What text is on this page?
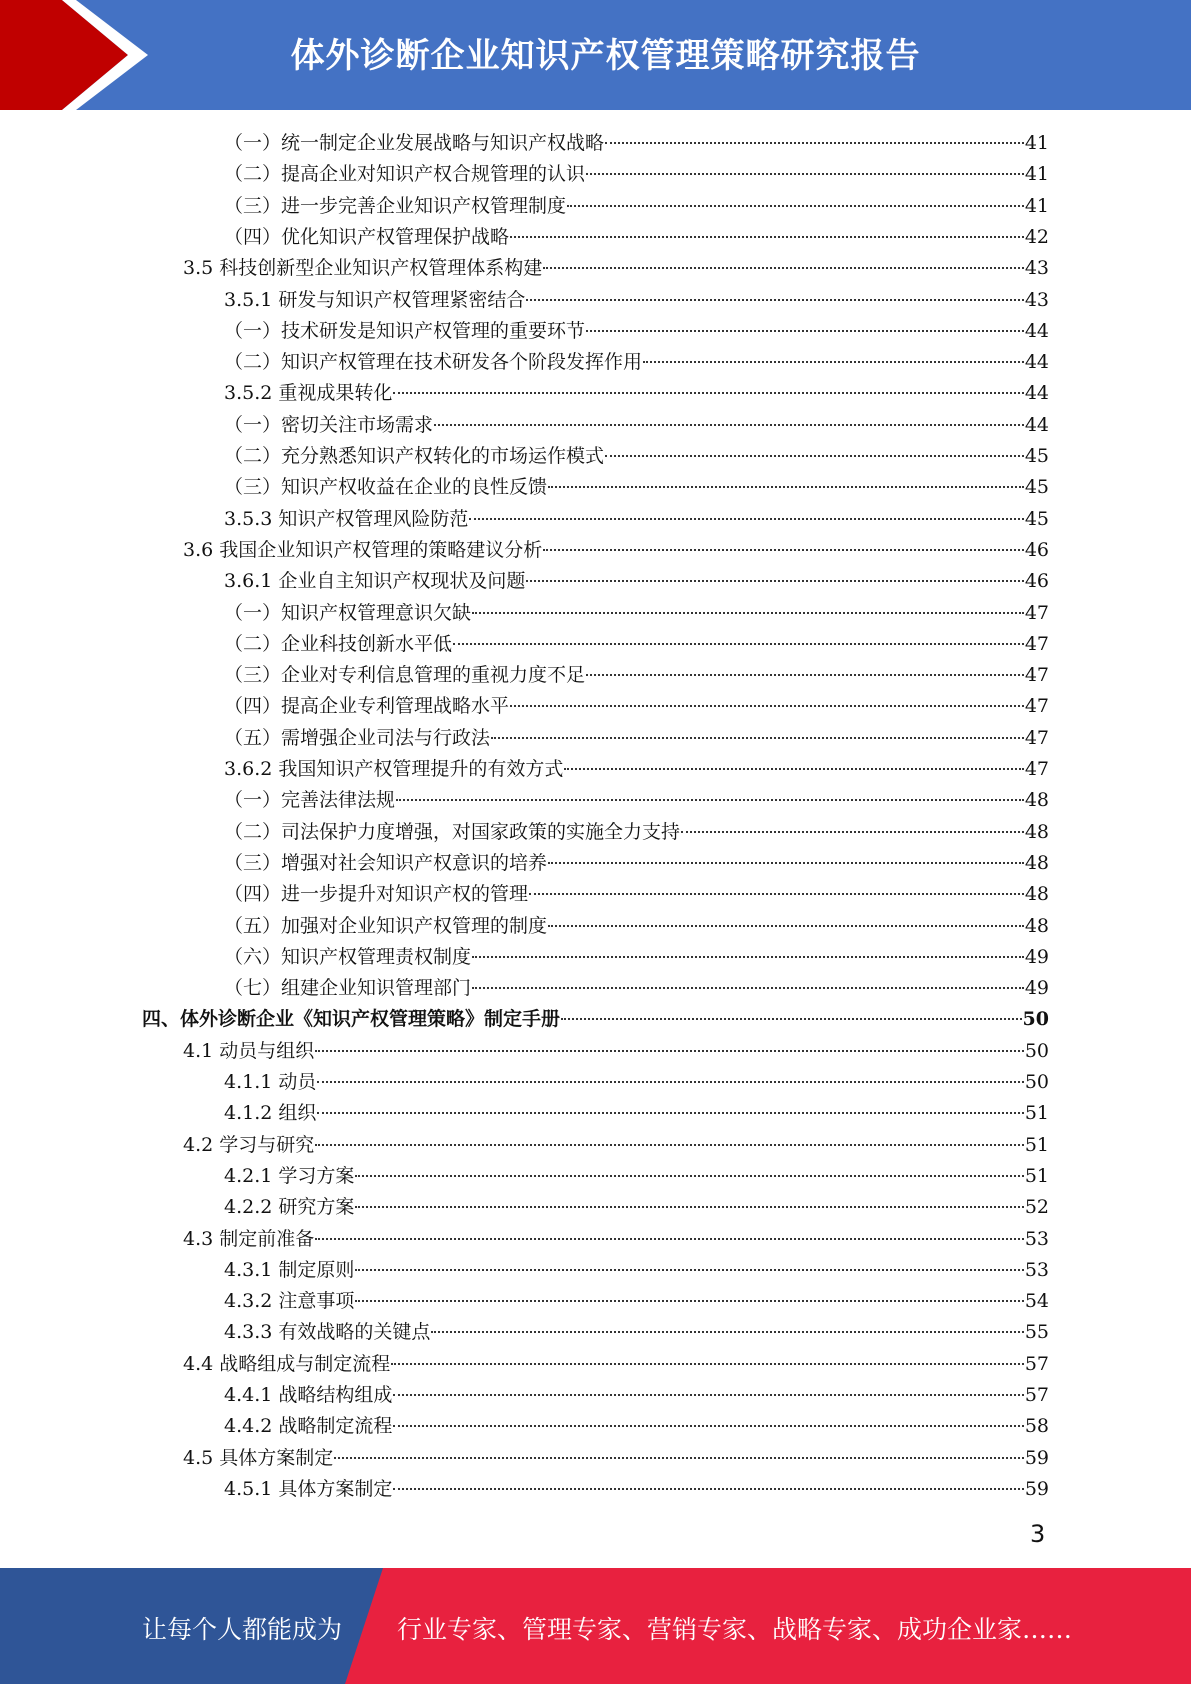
体外诊断企业知识产权管理策略研究报告
（一）统一制定企业发展战略与知识产权战略	41
（二）提高企业对知识产权合规管理的认识	41
（三）进一步完善企业知识产权管理制度	41
（四）优化知识产权管理保护战略	42
3.5 科技创新型企业知识产权管理体系构建	43
3.5.1 研发与知识产权管理紧密结合	43
（一）技术研发是知识产权管理的重要环节	44
（二）知识产权管理在技术研发各个阶段发挥作用	44
3.5.2 重视成果转化	44
（一）密切关注市场需求	44
（二）充分熟悉知识产权转化的市场运作模式	45
（三）知识产权收益在企业的良性反馈	45
3.5.3 知识产权管理风险防范	45
3.6 我国企业知识产权管理的策略建议分析	46
3.6.1 企业自主知识产权现状及问题	46
（一）知识产权管理意识欠缺	47
（二）企业科技创新水平低	47
（三）企业对专利信息管理的重视力度不足	47
（四）提高企业专利管理战略水平	47
（五）需增强企业司法与行政法	47
3.6.2 我国知识产权管理提升的有效方式	47
（一）完善法律法规	48
（二）司法保护力度增强，对国家政策的实施全力支持	48
（三）增强对社会知识产权意识的培养	48
（四）进一步提升对知识产权的管理	48
（五）加强对企业知识产权管理的制度	48
（六）知识产权管理责权制度	49
（七）组建企业知识管理部门	49
四、体外诊断企业《知识产权管理策略》制定手册	50
4.1 动员与组织	50
4.1.1 动员	50
4.1.2 组织	51
4.2 学习与研究	51
4.2.1 学习方案	51
4.2.2 研究方案	52
4.3 制定前准备	53
4.3.1 制定原则	53
4.3.2 注意事项	54
4.3.3 有效战略的关键点	55
4.4 战略组成与制定流程	57
4.4.1 战略结构组成	57
4.4.2 战略制定流程	58
4.5 具体方案制定	59
4.5.1 具体方案制定	59
3
让每个人都能成为 行业专家、管理专家、营销专家、战略专家、成功企业家……
